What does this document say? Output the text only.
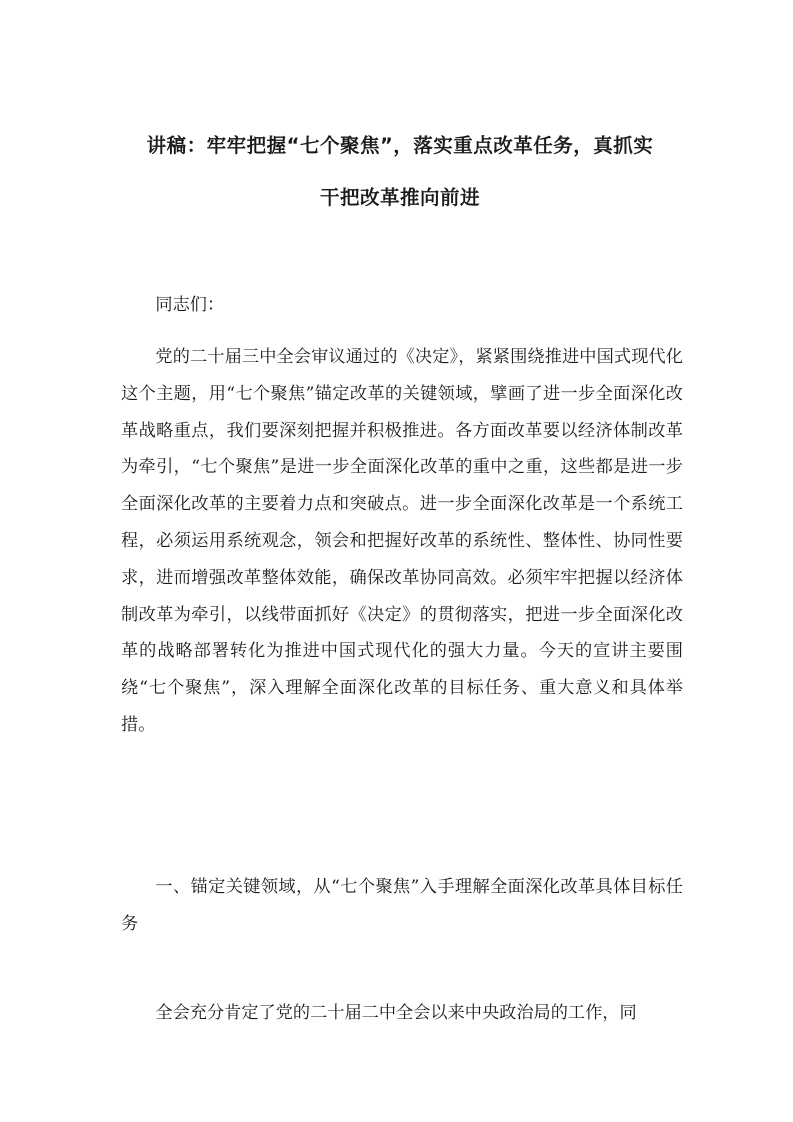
讲稿：牢牢把握“七个聚焦”，落实重点改革任务，真抓实
干把改革推向前进

同志们：

党的二十届三中全会审议通过的《决定》，紧紧围绕推进中国式现代化这个主题，用“七个聚焦”锚定改革的关键领域，擘画了进一步全面深化改革战略重点，我们要深刻把握并积极推进。各方面改革要以经济体制改革为牵引，“七个聚焦”是进一步全面深化改革的重中之重，这些都是进一步全面深化改革的主要着力点和突破点。进一步全面深化改革是一个系统工程，必须运用系统观念，领会和把握好改革的系统性、整体性、协同性要求，进而增强改革整体效能，确保改革协同高效。必须牢牢把握以经济体制改革为牵引，以线带面抓好《决定》的贯彻落实，把进一步全面深化改革的战略部署转化为推进中国式现代化的强大力量。今天的宣讲主要围绕“七个聚焦”，深入理解全面深化改革的目标任务、重大意义和具体举措。

一、锚定关键领域，从“七个聚焦”入手理解全面深化改革具体目标任务

全会充分肯定了党的二十届二中全会以来中央政治局的工作，同
